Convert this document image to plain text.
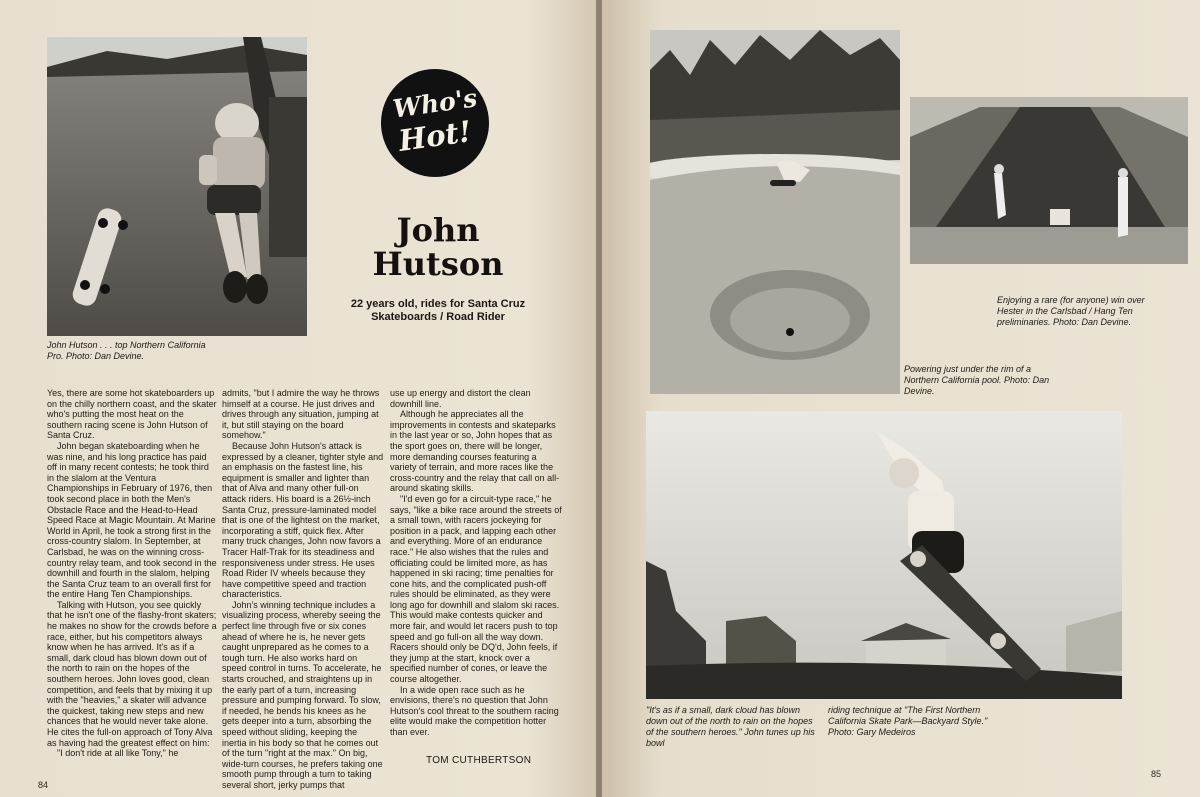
John Hutson . . . top Northern California Pro. Photo: Dan Devine.
Who's
Hot!
John
Hutson
22 years old, rides for Santa Cruz Skateboards / Road Rider

Yes, there are some hot skateboarders up on the chilly northern coast, and the skater who's putting the most heat on the southern racing scene is John Hutson of Santa Cruz.

John began skateboarding when he was nine, and his long practice has paid off in many recent contests; he took third in the slalom at the Ventura Championships in February of 1976, then took second place in both the Men's Obstacle Race and the Head-to-Head Speed Race at Magic Mountain. At Marine World in April, he took a strong first in the cross-country slalom. In September, at Carlsbad, he was on the winning cross-country relay team, and took second in the downhill and fourth in the slalom, helping the Santa Cruz team to an overall first for the entire Hang Ten Championships.

Talking with Hutson, you see quickly that he isn't one of the flashy-front skaters; he makes no show for the crowds before a race, either, but his competitors always know when he has arrived. It's as if a small, dark cloud has blown down out of the north to rain on the hopes of the southern heroes. John loves good, clean competition, and feels that by mixing it up with the "heavies," a skater will advance the quickest, taking new steps and new chances that he would never take alone. He cites the full-on approach of Tony Alva as having had the greatest effect on him:

"I don't ride at all like Tony," he

admits, "but I admire the way he throws himself at a course. He just drives and drives through any situation, jumping at it, but still staying on the board somehow."

Because John Hutson's attack is expressed by a cleaner, tighter style and an emphasis on the fastest line, his equipment is smaller and lighter than that of Alva and many other full-on attack riders. His board is a 26½-inch Santa Cruz, pressure-laminated model that is one of the lightest on the market, incorporating a stiff, quick flex. After many truck changes, John now favors a Tracer Half-Trak for its steadiness and responsiveness under stress. He uses Road Rider IV wheels because they have competitive speed and traction characteristics.

John's winning technique includes a visualizing process, whereby seeing the perfect line through five or six cones ahead of where he is, he never gets caught unprepared as he comes to a tough turn. He also works hard on speed control in turns. To accelerate, he starts crouched, and straightens up in the early part of a turn, increasing pressure and pumping forward. To slow, if needed, he bends his knees as he gets deeper into a turn, absorbing the speed without sliding, keeping the inertia in his body so that he comes out of the turn "right at the max." On big, wide-turn courses, he prefers taking one smooth pump through a turn to taking several short, jerky pumps that

use up energy and distort the clean downhill line.

Although he appreciates all the improvements in contests and skateparks in the last year or so, John hopes that as the sport goes on, there will be longer, more demanding courses featuring a variety of terrain, and more races like the cross-country and the relay that call on all-around skating skills.

"I'd even go for a circuit-type race," he says, "like a bike race around the streets of a small town, with racers jockeying for position in a pack, and lapping each other and everything. More of an endurance race." He also wishes that the rules and officiating could be limited more, as has happened in ski racing; time penalties for cone hits, and the complicated push-off rules should be eliminated, as they were long ago for downhill and slalom ski races. This would make contests quicker and more fair, and would let racers push to top speed and go full-on all the way down. Racers should only be DQ'd, John feels, if they jump at the start, knock over a specified number of cones, or leave the course altogether.

In a wide open race such as he envisions, there's no question that John Hutson's cool threat to the southern racing elite would make the competition hotter than ever.

TOM CUTHBERTSON
84
Powering just under the rim of a Northern California pool. Photo: Dan Devine.
Enjoying a rare (for anyone) win over Hester in the Carlsbad / Hang Ten preliminaries. Photo: Dan Devine.
"It's as if a small, dark cloud has blown down out of the north to rain on the hopes of the southern heroes." John tunes up his bowl
riding technique at "The First Northern California Skate Park—Backyard Style." Photo: Gary Medeiros
85
